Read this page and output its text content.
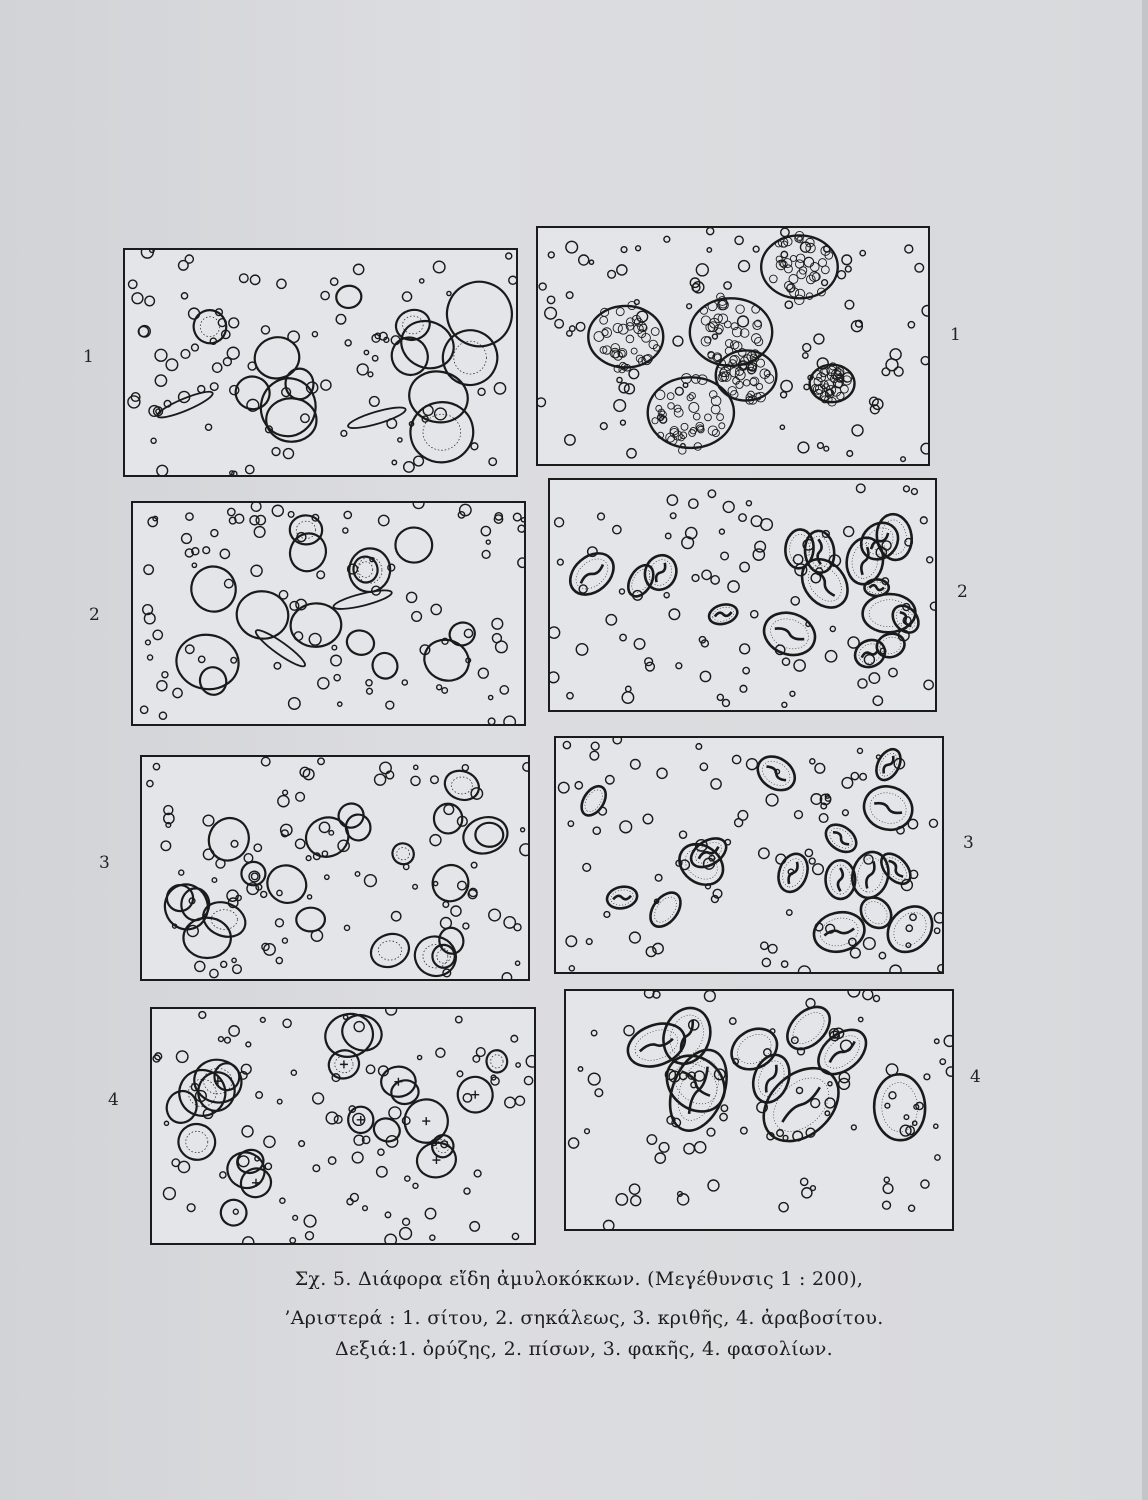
1
2
3
4
1
2
3
4
Σχ. 5. Διάφορα εἴδη ἀμυλοκόκκων. (Μεγέθυνσις 1 : 200),
’Αριστερά : 1. σίτου, 2. σηκάλεως, 3. κριθῆς, 4. ἀραβοσίτου.
Δεξιά:1. ὀρύζης, 2. πίσων, 3. φακῆς, 4. φασολίων.
